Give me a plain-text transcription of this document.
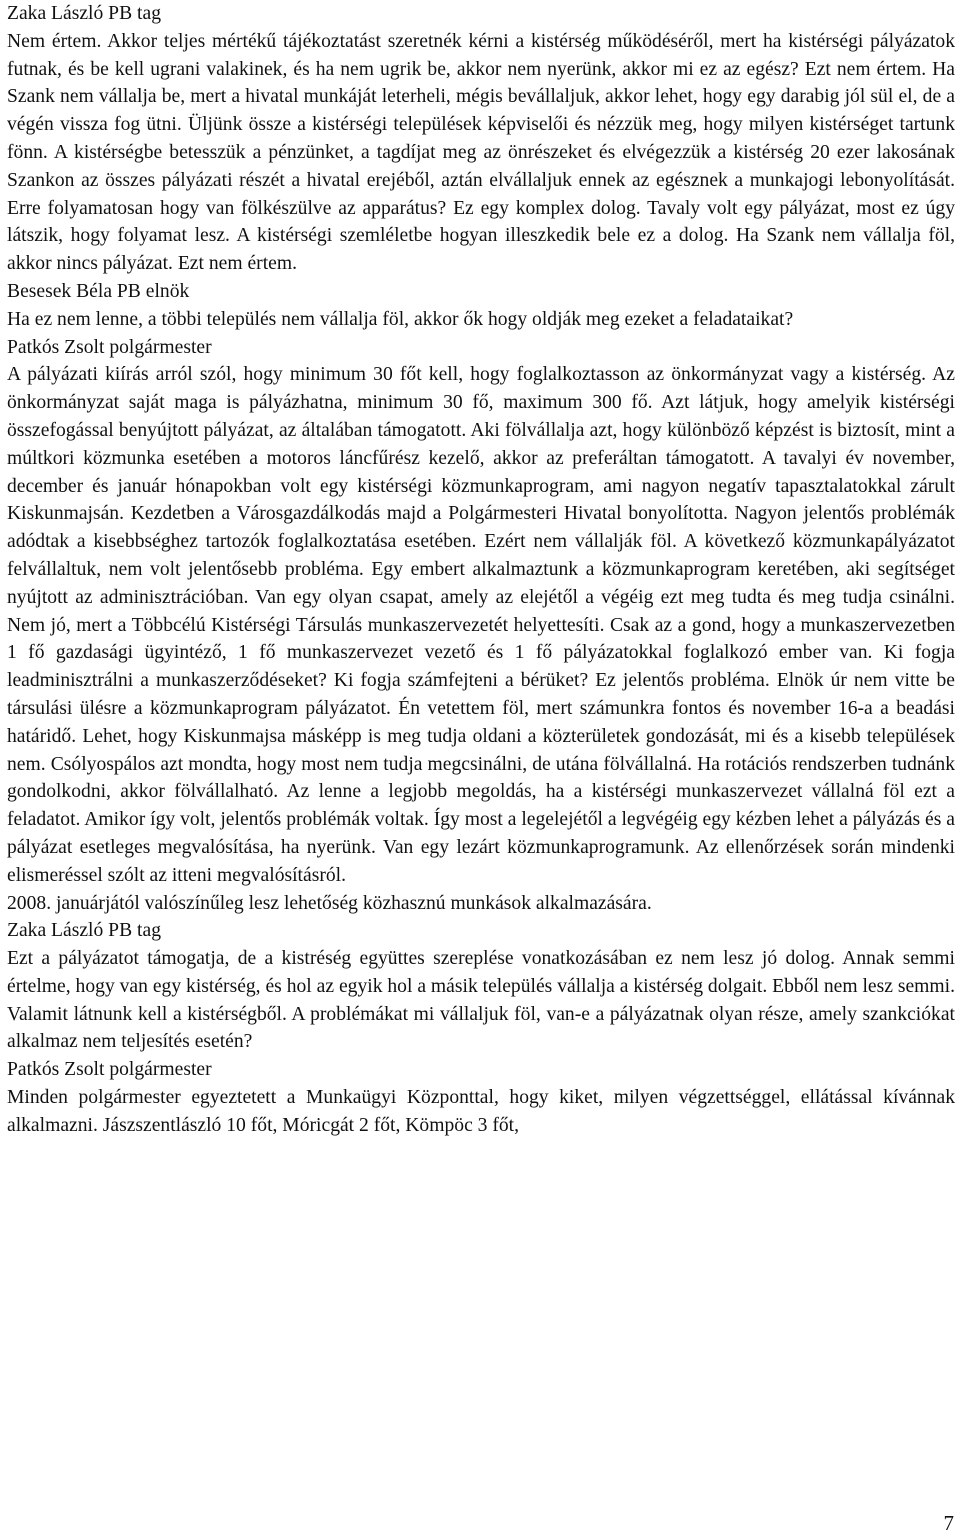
Zaka László PB tag

Nem értem. Akkor teljes mértékű tájékoztatást szeretnék kérni a kistérség működéséről, mert ha kistérségi pályázatok futnak, és be kell ugrani valakinek, és ha nem ugrik be, akkor nem nyerünk, akkor mi ez az egész? Ezt nem értem. Ha Szank nem vállalja be, mert a hivatal munkáját leterheli, mégis bevállaljuk, akkor lehet, hogy egy darabig jól sül el, de a végén vissza fog ütni. Üljünk össze a kistérségi települések képviselői és nézzük meg, hogy milyen kistérséget tartunk fönn. A kistérségbe betesszük a pénzünket, a tagdíjat meg az önrészeket és elvégezzük a kistérség 20 ezer lakosának Szankon az összes pályázati részét a hivatal erejéből, aztán elvállaljuk ennek az egésznek a munkajogi lebonyolítását. Erre folyamatosan hogy van fölkészülve az apparátus? Ez egy komplex dolog. Tavaly volt egy pályázat, most ez úgy látszik, hogy folyamat lesz. A kistérségi szemléletbe hogyan illeszkedik bele ez a dolog. Ha Szank nem vállalja föl, akkor nincs pályázat. Ezt nem értem.

Besesek Béla PB elnök

Ha ez nem lenne, a többi település nem vállalja föl, akkor ők hogy oldják meg ezeket a feladataikat?

Patkós Zsolt polgármester

A pályázati kiírás arról szól, hogy minimum 30 főt kell, hogy foglalkoztasson az önkormányzat vagy a kistérség. Az önkormányzat saját maga is pályázhatna, minimum 30 fő, maximum 300 fő. Azt látjuk, hogy amelyik kistérségi összefogással benyújtott pályázat, az általában támogatott. Aki fölvállalja azt, hogy különböző képzést is biztosít, mint a múltkori közmunka esetében a motoros láncfűrész kezelő, akkor az preferáltan támogatott. A tavalyi év november, december és január hónapokban volt egy kistérségi közmunkaprogram, ami nagyon negatív tapasztalatokkal zárult Kiskunmajsán. Kezdetben a Városgazdálkodás majd a Polgármesteri Hivatal bonyolította. Nagyon jelentős problémák adódtak a kisebbséghez tartozók foglalkoztatása esetében. Ezért nem vállalják föl. A következő közmunkapályázatot felvállaltuk, nem volt jelentősebb probléma. Egy embert alkalmaztunk a közmunkaprogram keretében, aki segítséget nyújtott az adminisztrációban. Van egy olyan csapat, amely az elejétől a végéig ezt meg tudta és meg tudja csinálni. Nem jó, mert a Többcélú Kistérségi Társulás munkaszervezetét helyettesíti. Csak az a gond, hogy a munkaszervezetben 1 fő gazdasági ügyintéző, 1 fő munkaszervezet vezető és 1 fő pályázatokkal foglalkozó ember van. Ki fogja leadminisztrálni a munkaszerződéseket? Ki fogja számfejteni a bérüket? Ez jelentős probléma. Elnök úr nem vitte be társulási ülésre a közmunkaprogram pályázatot. Én vetettem föl, mert számunkra fontos és november 16-a a beadási határidő. Lehet, hogy Kiskunmajsa másképp is meg tudja oldani a közterületek gondozását, mi és a kisebb települések nem. Csólyospálos azt mondta, hogy most nem tudja megcsinálni, de utána fölvállalná. Ha rotációs rendszerben tudnánk gondolkodni, akkor fölvállalható. Az lenne a legjobb megoldás, ha a kistérségi munkaszervezet vállalná föl ezt a feladatot. Amikor így volt, jelentős problémák voltak. Így most a legelejétől a legvégéig egy kézben lehet a pályázás és a pályázat esetleges megvalósítása, ha nyerünk. Van egy lezárt közmunkaprogramunk. Az ellenőrzések során mindenki elismeréssel szólt az itteni megvalósításról.

2008. januárjától valószínűleg lesz lehetőség közhasznú munkások alkalmazására.

Zaka László PB tag

Ezt a pályázatot támogatja, de a kistréség együttes szereplése vonatkozásában ez nem lesz jó dolog. Annak semmi értelme, hogy van egy kistérség, és hol az egyik hol a másik település vállalja a kistérség dolgait. Ebből nem lesz semmi. Valamit látnunk kell a kistérségből. A problémákat mi vállaljuk föl, van-e a pályázatnak olyan része, amely szankciókat alkalmaz nem teljesítés esetén?

Patkós Zsolt polgármester

Minden polgármester egyeztetett a Munkaügyi Központtal, hogy kiket, milyen végzettséggel, ellátással kívánnak alkalmazni. Jászszentlászló 10 főt, Móricgát 2 főt, Kömpöc 3 főt,

7
